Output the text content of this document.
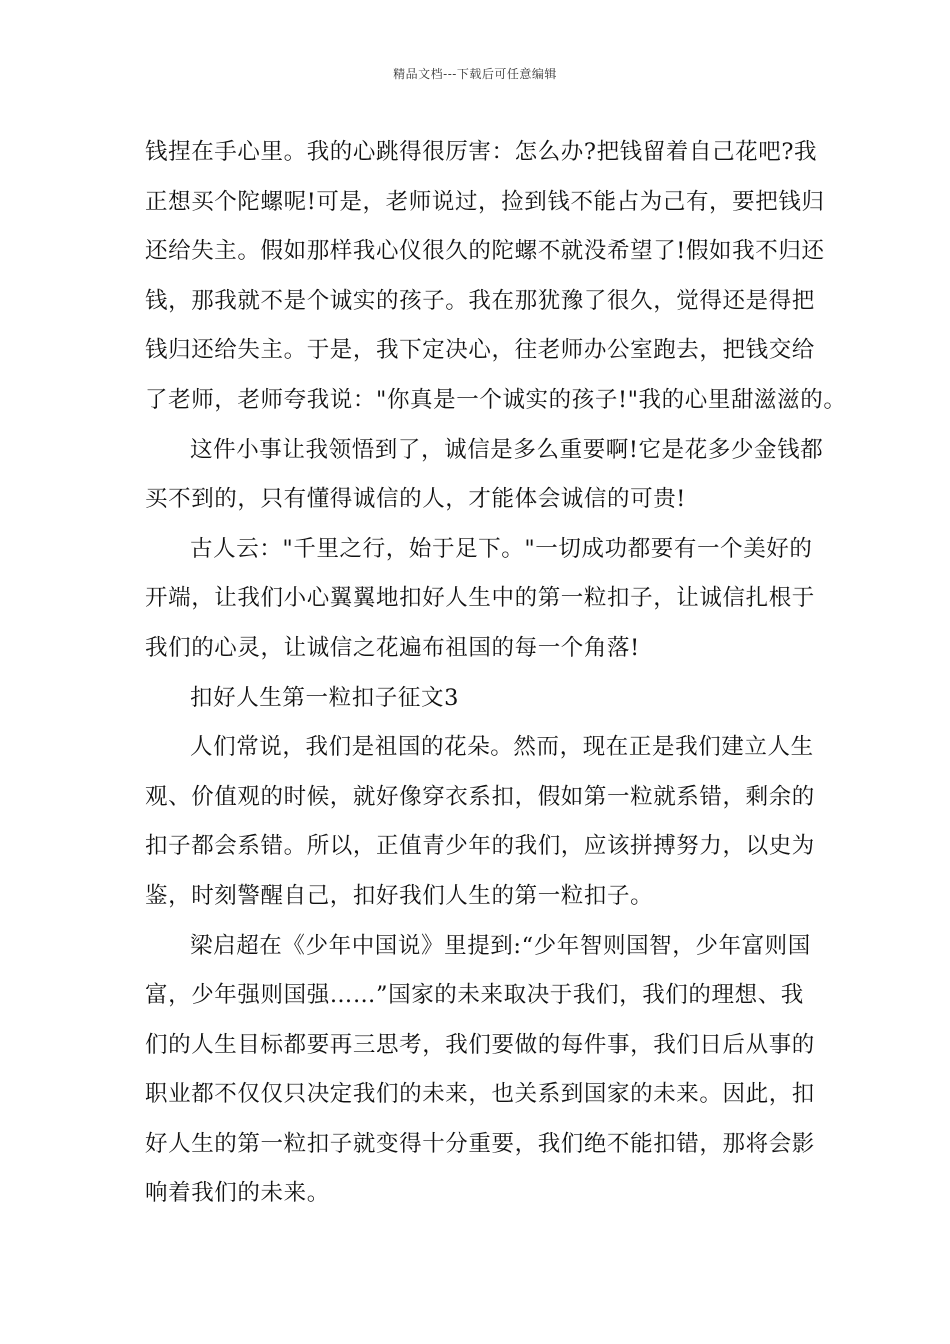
精品文档---下载后可任意编辑
钱捏在手心里。我的心跳得很厉害：怎么办?把钱留着自己花吧?我
正想买个陀螺呢!可是，老师说过，捡到钱不能占为己有，要把钱归
还给失主。假如那样我心仪很久的陀螺不就没希望了!假如我不归还
钱，那我就不是个诚实的孩子。我在那犹豫了很久，觉得还是得把
钱归还给失主。于是，我下定决心，往老师办公室跑去，把钱交给
了老师，老师夸我说："你真是一个诚实的孩子!"我的心里甜滋滋的。
这件小事让我领悟到了，诚信是多么重要啊!它是花多少金钱都
买不到的，只有懂得诚信的人，才能体会诚信的可贵!
古人云："千里之行，始于足下。"一切成功都要有一个美好的
开端，让我们小心翼翼地扣好人生中的第一粒扣子，让诚信扎根于
我们的心灵，让诚信之花遍布祖国的每一个角落!
扣好人生第一粒扣子征文3
人们常说，我们是祖国的花朵。然而，现在正是我们建立人生
观、价值观的时候，就好像穿衣系扣，假如第一粒就系错，剩余的
扣子都会系错。所以，正值青少年的我们，应该拼搏努力，以史为
鉴，时刻警醒自己，扣好我们人生的第一粒扣子。
梁启超在《少年中国说》里提到:“少年智则国智，少年富则国
富，少年强则国强……”国家的未来取决于我们，我们的理想、我
们的人生目标都要再三思考，我们要做的每件事，我们日后从事的
职业都不仅仅只决定我们的未来，也关系到国家的未来。因此，扣
好人生的第一粒扣子就变得十分重要，我们绝不能扣错，那将会影
响着我们的未来。
